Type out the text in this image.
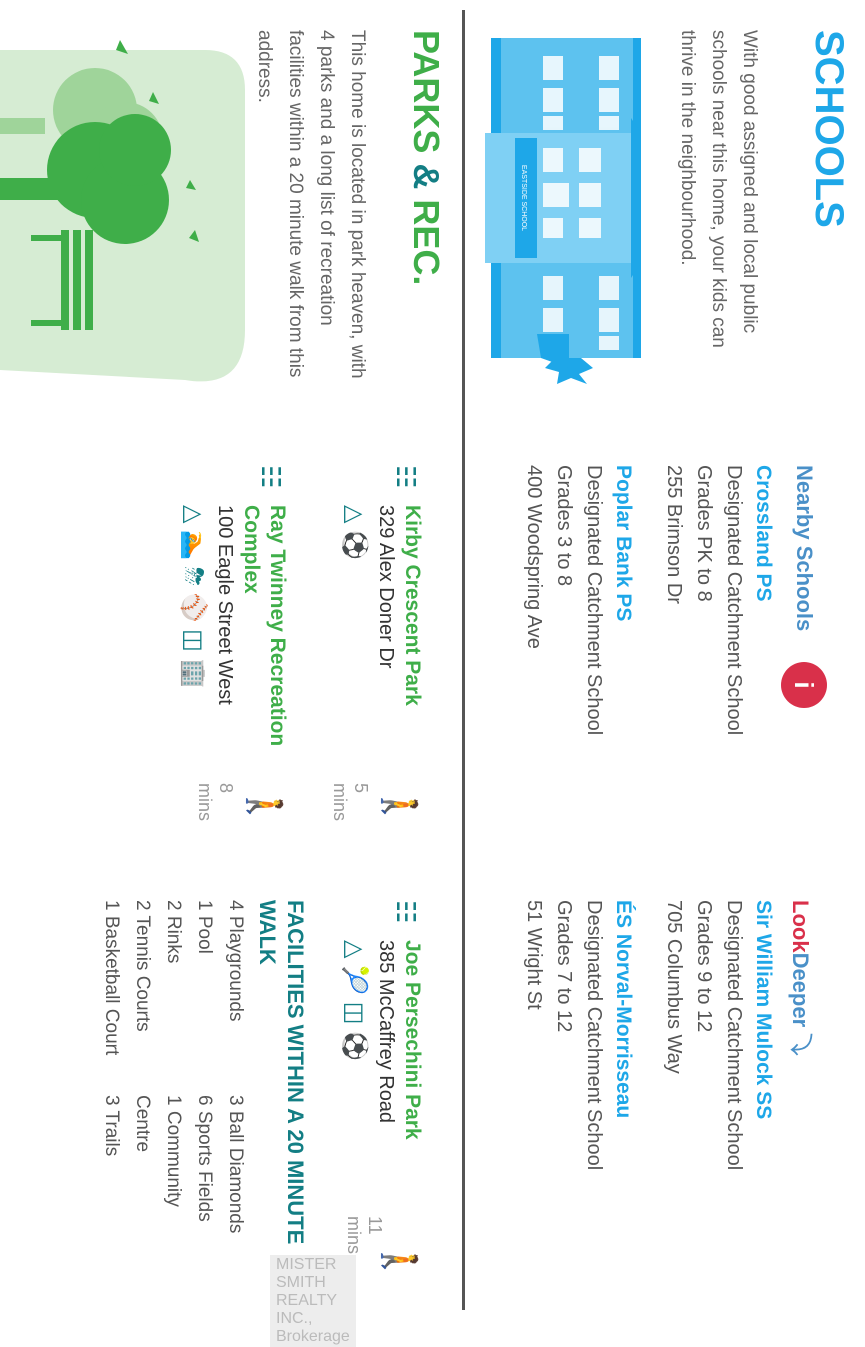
SCHOOLS
With good assigned and local public schools near this home, your kids can thrive in the neighbourhood.
EASTSIDE SCHOOL
Nearby Schools
i
LookDeeper ⤵
Crossland PS
Designated Catchment School
Grades PK to 8
255 Brimson Dr
Poplar Bank PS
Designated Catchment School
Grades 3 to 8
400 Woodspring Ave
Sir William Mulock SS
Designated Catchment School
Grades 9 to 12
705 Columbus Way
ÉS Norval-Morrisseau
Designated Catchment School
Grades 7 to 12
51 Wright St
PARKS & REC.
This home is located in park heaven, with 4 parks and a long list of recreation facilities within a 20 minute walk from this address.
☷
Kirby Crescent Park
329 Alex Doner Dr
△ ⚽
🚶
5 mins
☷
Joe Persechini Park
385 McCaffrey Road
△ 🎾 ◫ ⚽
🚶
11 mins
☷
Ray Twinney Recreation Complex
100 Eagle Street West
△ 🏊 ⛈ ⚾ ◫ 🏢
🚶
8 mins
FACILITIES WITHIN A 20 MINUTE WALK
4 Playgrounds
1 Pool
2 Rinks
2 Tennis Courts
1 Basketball Court
3 Ball Diamonds
6 Sports Fields
1 Community
Centre
3 Trails
MISTER SMITH REALTY INC., Brokerage
